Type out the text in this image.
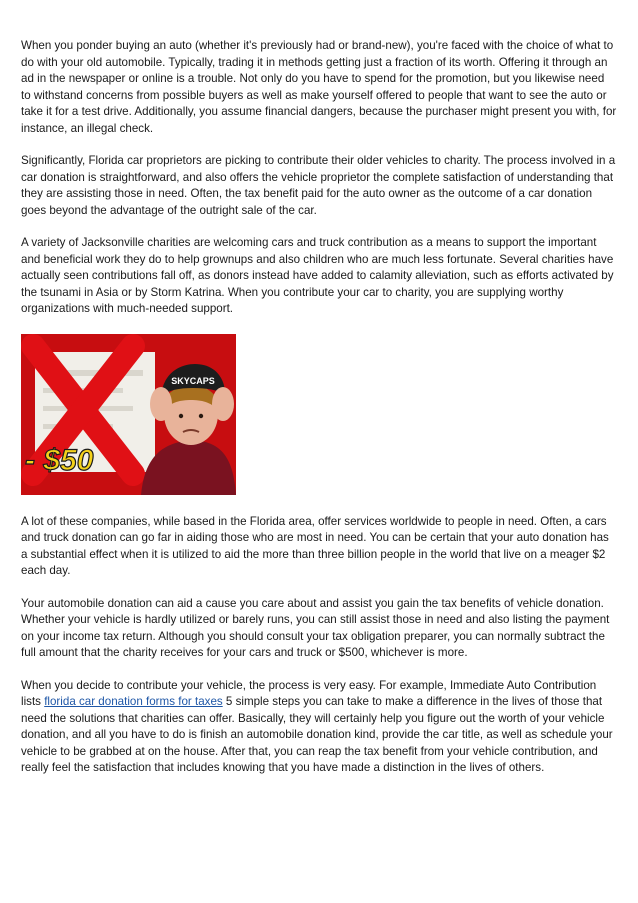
When you ponder buying an auto (whether it's previously had or brand-new), you're faced with the choice of what to do with your old automobile. Typically, trading it in methods getting just a fraction of its worth. Offering it through an ad in the newspaper or online is a trouble. Not only do you have to spend for the promotion, but you likewise need to withstand concerns from possible buyers as well as make yourself offered to people that want to see the auto or take it for a test drive. Additionally, you assume financial dangers, because the purchaser might present you with, for instance, an illegal check.

Significantly, Florida car proprietors are picking to contribute their older vehicles to charity. The process involved in a car donation is straightforward, and also offers the vehicle proprietor the complete satisfaction of understanding that they are assisting those in need. Often, the tax benefit paid for the auto owner as the outcome of a car donation goes beyond the advantage of the outright sale of the car.

A variety of Jacksonville charities are welcoming cars and truck contribution as a means to support the important and beneficial work they do to help grownups and also children who are much less fortunate. Several charities have actually seen contributions fall off, as donors instead have added to calamity alleviation, such as efforts activated by the tsunami in Asia or by Storm Katrina. When you contribute your car to charity, you are supplying worthy organizations with much-needed support.

SKYCAPS
- $50

A lot of these companies, while based in the Florida area, offer services worldwide to people in need. Often, a cars and truck donation can go far in aiding those who are most in need. You can be certain that your auto donation has a substantial effect when it is utilized to aid the more than three billion people in the world that live on a meager $2 each day.

Your automobile donation can aid a cause you care about and assist you gain the tax benefits of vehicle donation. Whether your vehicle is hardly utilized or barely runs, you can still assist those in need and also listing the payment on your income tax return. Although you should consult your tax obligation preparer, you can normally subtract the full amount that the charity receives for your cars and truck or $500, whichever is more.

When you decide to contribute your vehicle, the process is very easy. For example, Immediate Auto Contribution lists florida car donation forms for taxes 5 simple steps you can take to make a difference in the lives of those that need the solutions that charities can offer. Basically, they will certainly help you figure out the worth of your vehicle donation, and all you have to do is finish an automobile donation kind, provide the car title, as well as schedule your vehicle to be grabbed at on the house. After that, you can reap the tax benefit from your vehicle contribution, and really feel the satisfaction that includes knowing that you have made a distinction in the lives of others.
